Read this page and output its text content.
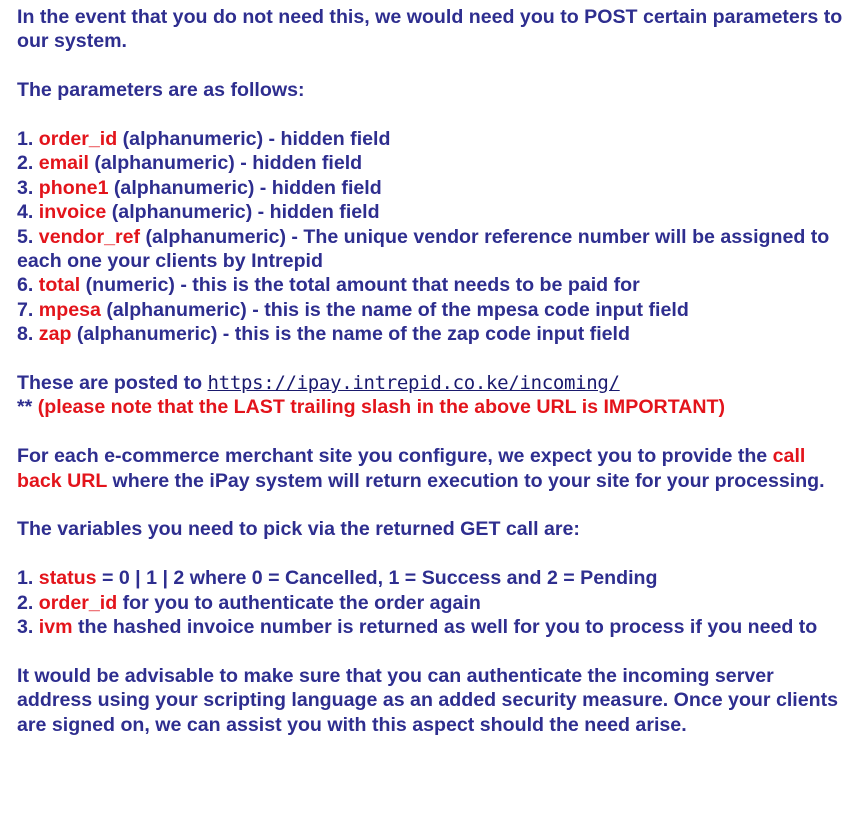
In the event that you do not need this, we would need you to POST certain parameters to our system.

The parameters are as follows:

1. order_id (alphanumeric) - hidden field

2. email (alphanumeric) - hidden field

3. phone1 (alphanumeric) - hidden field

4. invoice (alphanumeric) - hidden field

5. vendor_ref (alphanumeric) - The unique vendor reference number will be assigned to each one your clients by Intrepid

6. total (numeric) - this is the total amount that needs to be paid for

7. mpesa (alphanumeric) - this is the name of the mpesa code input field

8. zap (alphanumeric) - this is the name of the zap code input field

These are posted to https://ipay.intrepid.co.ke/incoming/

** (please note that the LAST trailing slash in the above URL is IMPORTANT)

For each e-commerce merchant site you configure, we expect you to provide the call back URL where the iPay system will return execution to your site for your processing.

The variables you need to pick via the returned GET call are:

1. status = 0 | 1 | 2 where 0 = Cancelled, 1 = Success and 2 = Pending

2. order_id for you to authenticate the order again

3. ivm the hashed invoice number is returned as well for you to process if you need to

It would be advisable to make sure that you can authenticate the incoming server address using your scripting language as an added security measure. Once your clients are signed on, we can assist you with this aspect should the need arise.
